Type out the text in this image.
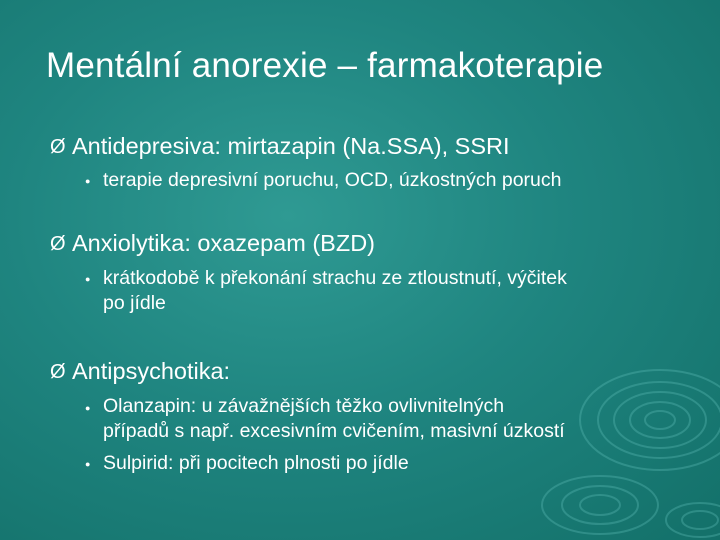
Mentální anorexie – farmakoterapie
Ø Antidepresiva: mirtazapin (Na.SSA), SSRI
● terapie depresivní poruchu, OCD, úzkostných poruch
Ø Anxiolytika: oxazepam (BZD)
● krátkodobě k překonání strachu ze ztloustnutí, výčitek
po jídle
Ø Antipsychotika:
● Olanzapin: u závažnějších těžko ovlivnitelných
případů s např. excesivním cvičením, masivní úzkostí
● Sulpirid: při pocitech plnosti po jídle
